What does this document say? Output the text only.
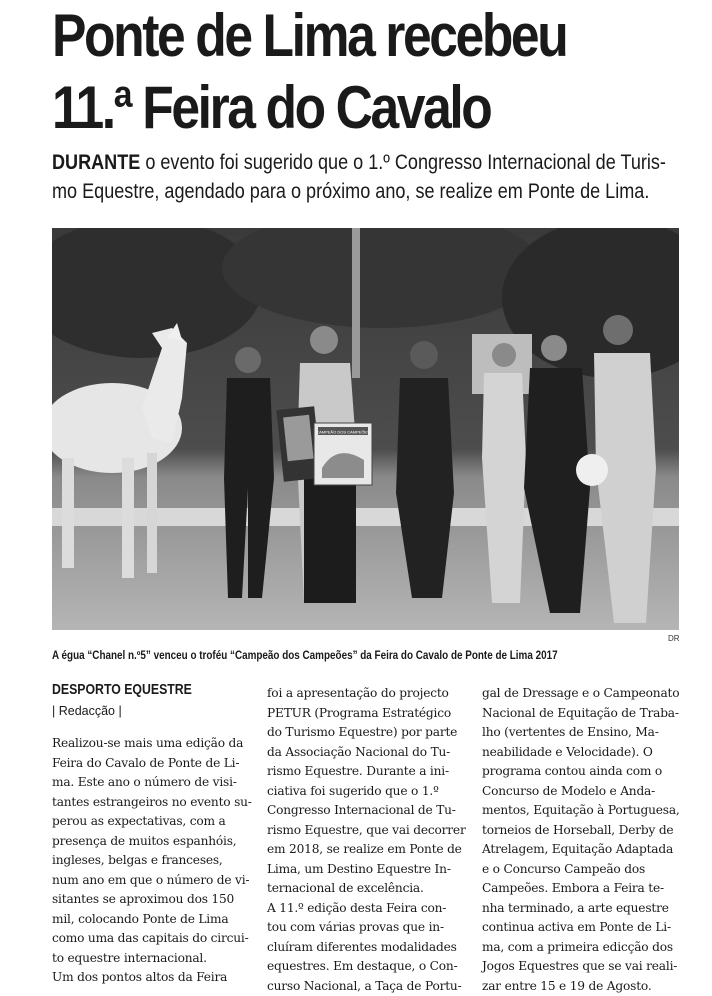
Ponte de Lima recebeu
11.ª Feira do Cavalo
DURANTE o evento foi sugerido que o 1.º Congresso Internacional de Turis-
mo Equestre, agendado para o próximo ano, se realize em Ponte de Lima.
CAMPEÃO DOS CAMPEÕES
DR
A égua “Chanel n.º5” venceu o troféu “Campeão dos Campeões” da Feira do Cavalo de Ponte de Lima 2017
DESPORTO EQUESTRE
| Redacção |
Realizou-se mais uma edição da
Feira do Cavalo de Ponte de Li-
ma. Este ano o número de visi-
tantes estrangeiros no evento su-
perou as expectativas, com a
presença de muitos espanhóis,
ingleses, belgas e franceses,
num ano em que o número de vi-
sitantes se aproximou dos 150
mil, colocando Ponte de Lima
como uma das capitais do circui-
to equestre internacional.
Um dos pontos altos da Feira
foi a apresentação do projecto
PETUR (Programa Estratégico
do Turismo Equestre) por parte
da Associação Nacional do Tu-
rismo Equestre. Durante a ini-
ciativa foi sugerido que o 1.º
Congresso Internacional de Tu-
rismo Equestre, que vai decorrer
em 2018, se realize em Ponte de
Lima, um Destino Equestre In-
ternacional de excelência.
A 11.º edição desta Feira con-
tou com várias provas que in-
cluíram diferentes modalidades
equestres. Em destaque, o Con-
curso Nacional, a Taça de Portu-
gal de Dressage e o Campeonato
Nacional de Equitação de Traba-
lho (vertentes de Ensino, Ma-
neabilidade e Velocidade). O
programa contou ainda com o
Concurso de Modelo e Anda-
mentos, Equitação à Portuguesa,
torneios de Horseball, Derby de
Atrelagem, Equitação Adaptada
e o Concurso Campeão dos
Campeões. Embora a Feira te-
nha terminado, a arte equestre
continua activa em Ponte de Li-
ma, com a primeira edicção dos
Jogos Equestres que se vai reali-
zar entre 15 e 19 de Agosto.
